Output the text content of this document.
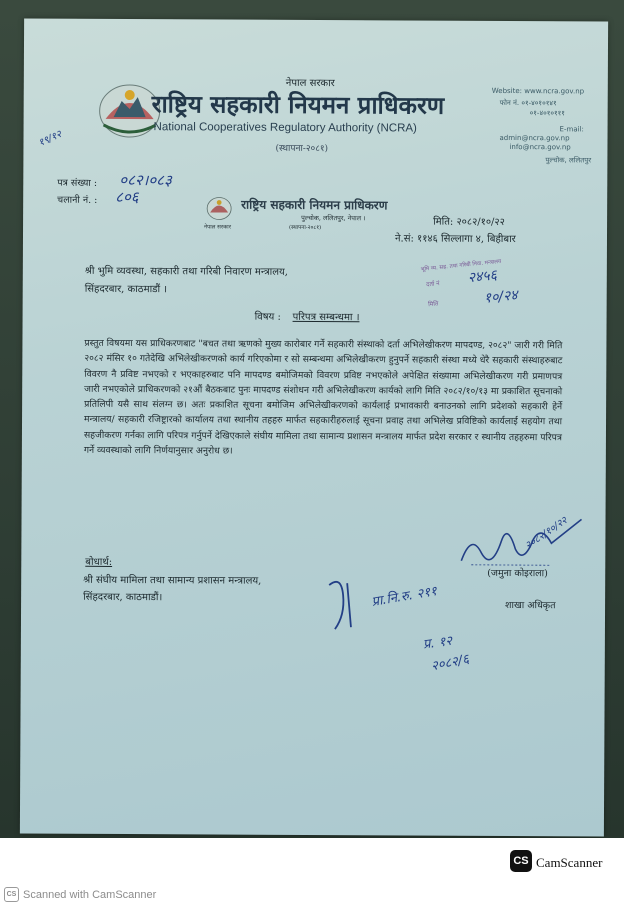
नेपाल सरकार
राष्ट्रिय सहकारी नियमन प्राधिकरण
National Cooperatives Regulatory Authority (NCRA)
(स्थापना-२०८१)
Website: www.ncra.gov.np
फोन नं. ०१-४०१०१४१
०१-४०१०१११
E-mail:
admin@ncra.gov.np
info@ncra.gov.np
पुल्चोक, ललितपुर
१९/१२
पत्र संख्या : ०८२।०८३
चलानी नं. : ८०६
नेपाल सरकार
राष्ट्रिय सहकारी नियमन प्राधिकरण
पुल्चोक, ललितपुर, नेपाल ।
(स्थापना-२०८१)	मिति: २०८२/१०/२२
ने.सं: ११४६ सिल्लागा ४, बिहीबार
श्री भुमि व्यवस्था, सहकारी तथा गरिबी निवारण मन्त्रालय,
सिंहदरबार, काठमाडौं ।
भूमि व्य. सह. तथा गरिबी निवा. मन्त्रालय
दर्ता नं २४५६
मिति	१०/२४
विषय : परिपत्र सम्बन्धमा ।
प्रस्तुत विषयमा यस प्राधिकरणबाट "बचत तथा ऋणको मुख्य कारोबार गर्ने सहकारी संस्थाको दर्ता अभिलेखीकरण मापदण्ड, २०८२" जारी गरी मिति २०८२ मंसिर १० गतेदेखि अभिलेखीकरणको कार्य गरिएकोमा र सो सम्बन्धमा अभिलेखीकरण हुनुपर्ने सहकारी संस्था मध्ये धेरै सहकारी संस्थाहरुबाट विवरण नै प्रविष्ट नभएको र भएकाहरुबाट पनि मापदण्ड बमोजिमको विवरण प्रविष्ट नभएकोले अपेक्षित संख्यामा अभिलेखीकरण गरी प्रमाणपत्र जारी नभएकोले प्राधिकरणको २१औं बैठकबाट पुनः मापदण्ड संशोधन गरी अभिलेखीकरण कार्यको लागि मिति २०८२/१०/१३ मा प्रकाशित सूचनाको प्रतिलिपी यसै साथ संलग्न छ। अतः प्रकाशित सूचना बमोजिम अभिलेखीकरणको कार्यलाई प्रभावकारी बनाउनको लागि प्रदेशको सहकारी हेर्ने मन्त्रालय/ सहकारी रजिष्ट्रारको कार्यालय तथा स्थानीय तहहरु मार्फत सहकारीहरुलाई सूचना प्रवाह तथा अभिलेख प्रविष्टिको कार्यलाई सहयोग तथा सहजीकरण गर्नका लागि परिपत्र गर्नुपर्ने देखिएकाले संघीय मामिला तथा सामान्य प्रशासन मन्त्रालय मार्फत प्रदेश सरकार र स्थानीय तहहरुमा परिपत्र गर्ने व्यवस्थाको लागि निर्णयानुसार अनुरोध छ।
२०८२/१०/२२
(जमुना कोइराला)
शाखा अधिकृत
बोधार्थ:
श्री संघीय मामिला तथा सामान्य प्रशासन मन्त्रालय,
सिंहदरबार, काठमाडौं।	प्रा.नि.रु. २११
प्र. १२
२०८२/६
CS CamScanner
CS Scanned with CamScanner
